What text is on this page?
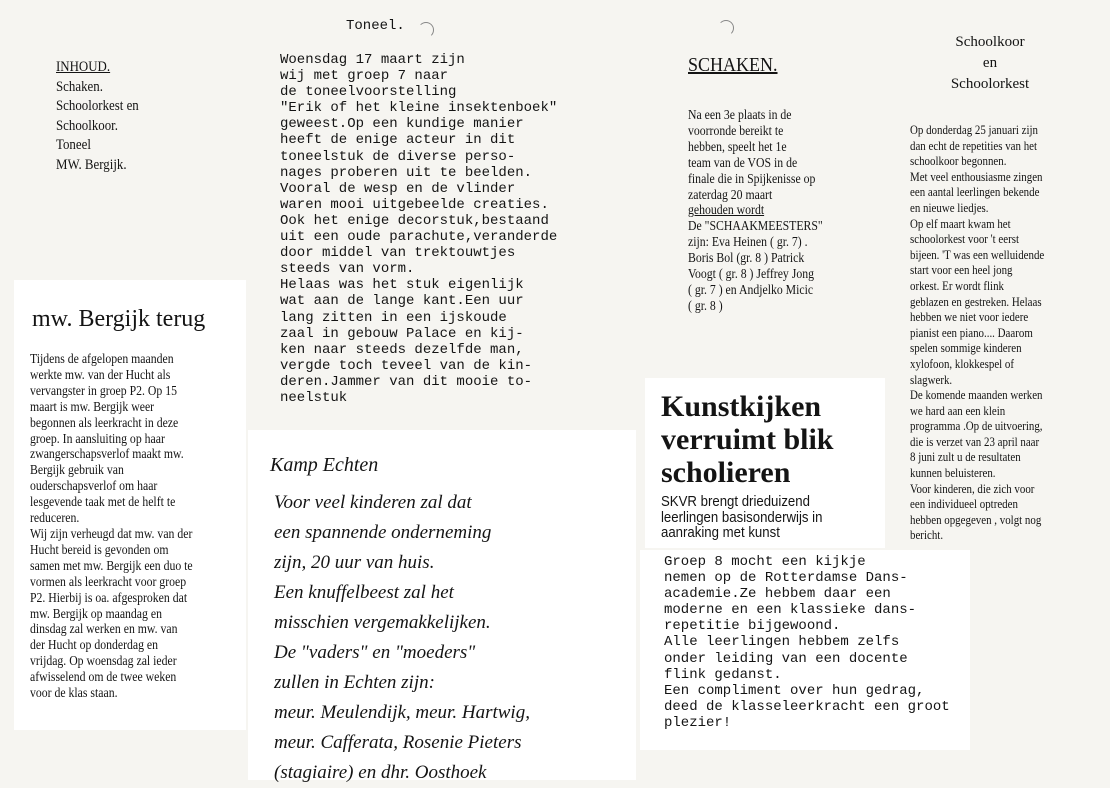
INHOUD.
Schaken.
Schoolorkest en
Schoolkoor.
Toneel
MW. Bergijk.
Toneel.
Woensdag 17 maart zijn
wij met groep 7 naar
de toneelvoorstelling
"Erik of het kleine insektenboek"
geweest.Op een kundige manier
heeft de enige acteur in dit
toneelstuk de diverse perso-
nages proberen uit te beelden.
Vooral de wesp en de vlinder
waren mooi uitgebeelde creaties.
Ook het enige decorstuk,bestaand
uit een oude parachute,veranderde
door middel van trektouwtjes
steeds van vorm.
Helaas was het stuk eigenlijk
wat aan de lange kant.Een uur
lang zitten in een ijskoude
zaal in gebouw Palace en kij-
ken naar steeds dezelfde man,
vergde toch teveel van de kin-
deren.Jammer van dit mooie to-
neelstuk
SCHAKEN.
Na een 3e plaats in de
voorronde bereikt te
hebben, speelt het 1e
team van de VOS in de
finale die in Spijkenisse op
zaterdag 20 maart
gehouden wordt
De "SCHAAKMEESTERS"
zijn: Eva Heinen ( gr. 7) .
Boris Bol (gr. 8 ) Patrick
Voogt ( gr. 8 ) Jeffrey Jong
( gr. 7 ) en Andjelko Micic
( gr. 8 )
Schoolkoor
en
Schoolorkest
Op donderdag 25 januari zijn
dan echt de repetities van het
schoolkoor begonnen.
Met veel enthousiasme zingen
een aantal leerlingen bekende
en nieuwe liedjes.
Op elf maart kwam het
schoolorkest voor 't eerst
bijeen. 'T was een welluidende
start voor een heel jong
orkest. Er wordt flink
geblazen en gestreken. Helaas
hebben we niet voor iedere
pianist een piano.... Daarom
spelen sommige kinderen
xylofoon, klokkespel of
slagwerk.
De komende maanden werken
we hard aan een klein
programma .Op de uitvoering,
die is verzet van 23 april naar
8 juni zult u de resultaten
kunnen beluisteren.
Voor kinderen, die zich voor
een individueel optreden
hebben opgegeven , volgt nog
bericht.
mw. Bergijk terug
Tijdens de afgelopen maanden
werkte mw. van der Hucht als
vervangster in groep P2. Op 15
maart is mw. Bergijk weer
begonnen als leerkracht in deze
groep. In aansluiting op haar
zwangerschapsverlof maakt mw.
Bergijk gebruik van
ouderschapsverlof om haar
lesgevende taak met de helft te
reduceren.
Wij zijn verheugd dat mw. van der
Hucht bereid is gevonden om
samen met mw. Bergijk een duo te
vormen als leerkracht voor groep
P2. Hierbij is oa. afgesproken dat
mw. Bergijk op maandag en
dinsdag zal werken en mw. van
der Hucht op donderdag en
vrijdag. Op woensdag zal ieder
afwisselend om de twee weken
voor de klas staan.
Kunstkijken
verruimt blik
scholieren
SKVR brengt drieduizend
leerlingen basisonderwijs in
aanraking met kunst
Groep 8 mocht een kijkje
nemen op de Rotterdamse Dans-
academie.Ze hebbem daar een
moderne en een klassieke dans-
repetitie bijgewoond.
Alle leerlingen hebbem zelfs
onder leiding van een docente
flink gedanst.
Een compliment over hun gedrag,
deed de klasseleerkracht een groot
plezier!
Kamp Echten
Voor veel kinderen zal dat
een spannende onderneming
zijn, 20 uur van huis.
Een knuffelbeest zal het
misschien vergemakkelijken.
De "vaders" en "moeders"
zullen in Echten zijn:
meur. Meulendijk, meur. Hartwig,
meur. Cafferata, Rosenie Pieters
(stagiaire) en dhr. Oosthoek
